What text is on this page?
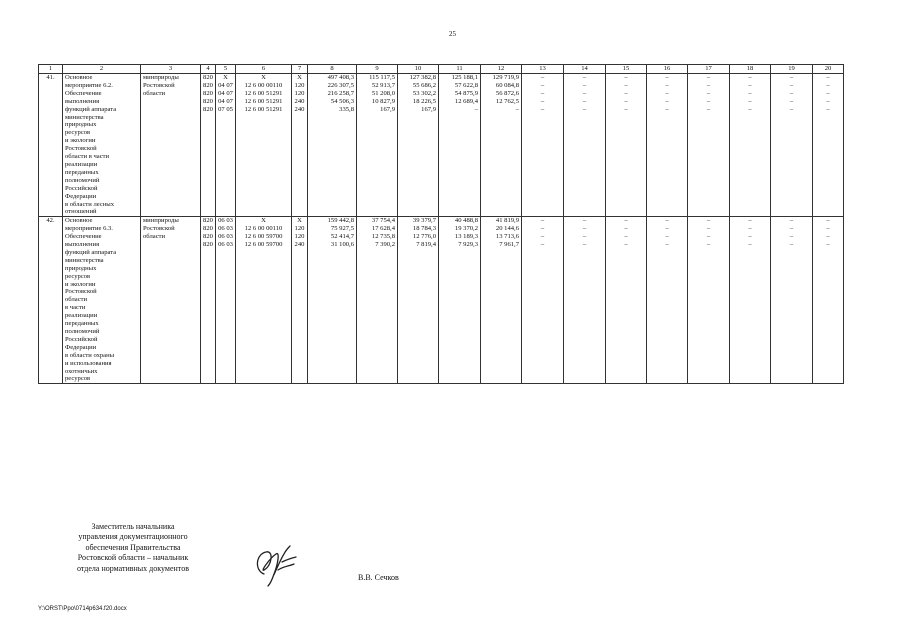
25
1	2	3	4	5	6	7	8	9	10	11	12	13	14	15	16	17	18	19	20
41.	Основное	минприроды	820	X	X	X	497 408,3	115 117,5	127 382,8	125 188,1	129 719,9	–	–	–	–	–	–	–	–
	мероприятие 6.2.	Ростовской	820	04 07	12 6 00 00110	120	226 307,5	52 913,7	55 686,2	57 622,8	60 084,8	–	–	–	–	–	–	–	–
	Обеспечение	области	820	04 07	12 6 00 51291	120	216 258,7	51 208,0	53 302,2	54 875,9	56 872,6	–	–	–	–	–	–	–	–
	выполнения		820	04 07	12 6 00 51291	240	54 506,3	10 827,9	18 226,5	12 689,4	12 762,5	–	–	–	–	–	–	–	–
	функций аппарата		820	07 05	12 6 00 51291	240	335,8	167,9	167,9	–	–	–	–	–	–	–	–	–	–
	министерства																		
	природных																		
	ресурсов																		
	и экологии																		
	Ростовской																		
	области в части																		
	реализации																		
	переданных																		
	полномочий																		
	Российской																		
	Федерации																		
	в области лесных																		
	отношений																		
42.	Основное	минприроды	820	06 03	X	X	159 442,8	37 754,4	39 379,7	40 488,8	41 819,9	–	–	–	–	–	–	–	–
	мероприятие 6.3.	Ростовской	820	06 03	12 6 00 00110	120	75 927,5	17 628,4	18 784,3	19 370,2	20 144,6	–	–	–	–	–	–	–	–
	Обеспечение	области	820	06 03	12 6 00 59700	120	52 414,7	12 735,8	12 776,0	13 189,3	13 713,6	–	–	–	–	–	–	–	–
	выполнения		820	06 03	12 6 00 59700	240	31 100,6	7 390,2	7 819,4	7 929,3	7 961,7	–	–	–	–	–	–	–	–
	функций аппарата																		
	министерства																		
	природных																		
	ресурсов																		
	и экологии																		
	Ростовской																		
	области																		
	в части																		
	реализации																		
	переданных																		
	полномочий																		
	Российской																		
	Федерации																		
	в области охраны																		
	и использования																		
	охотничьих																		
	ресурсов																		
Заместитель начальника
управления документационного
обеспечения Правительства
Ростовской области – начальник
отдела нормативных документов
В.В. Сечков
Y:\ORST\Ppo\0714p634.f20.docx
